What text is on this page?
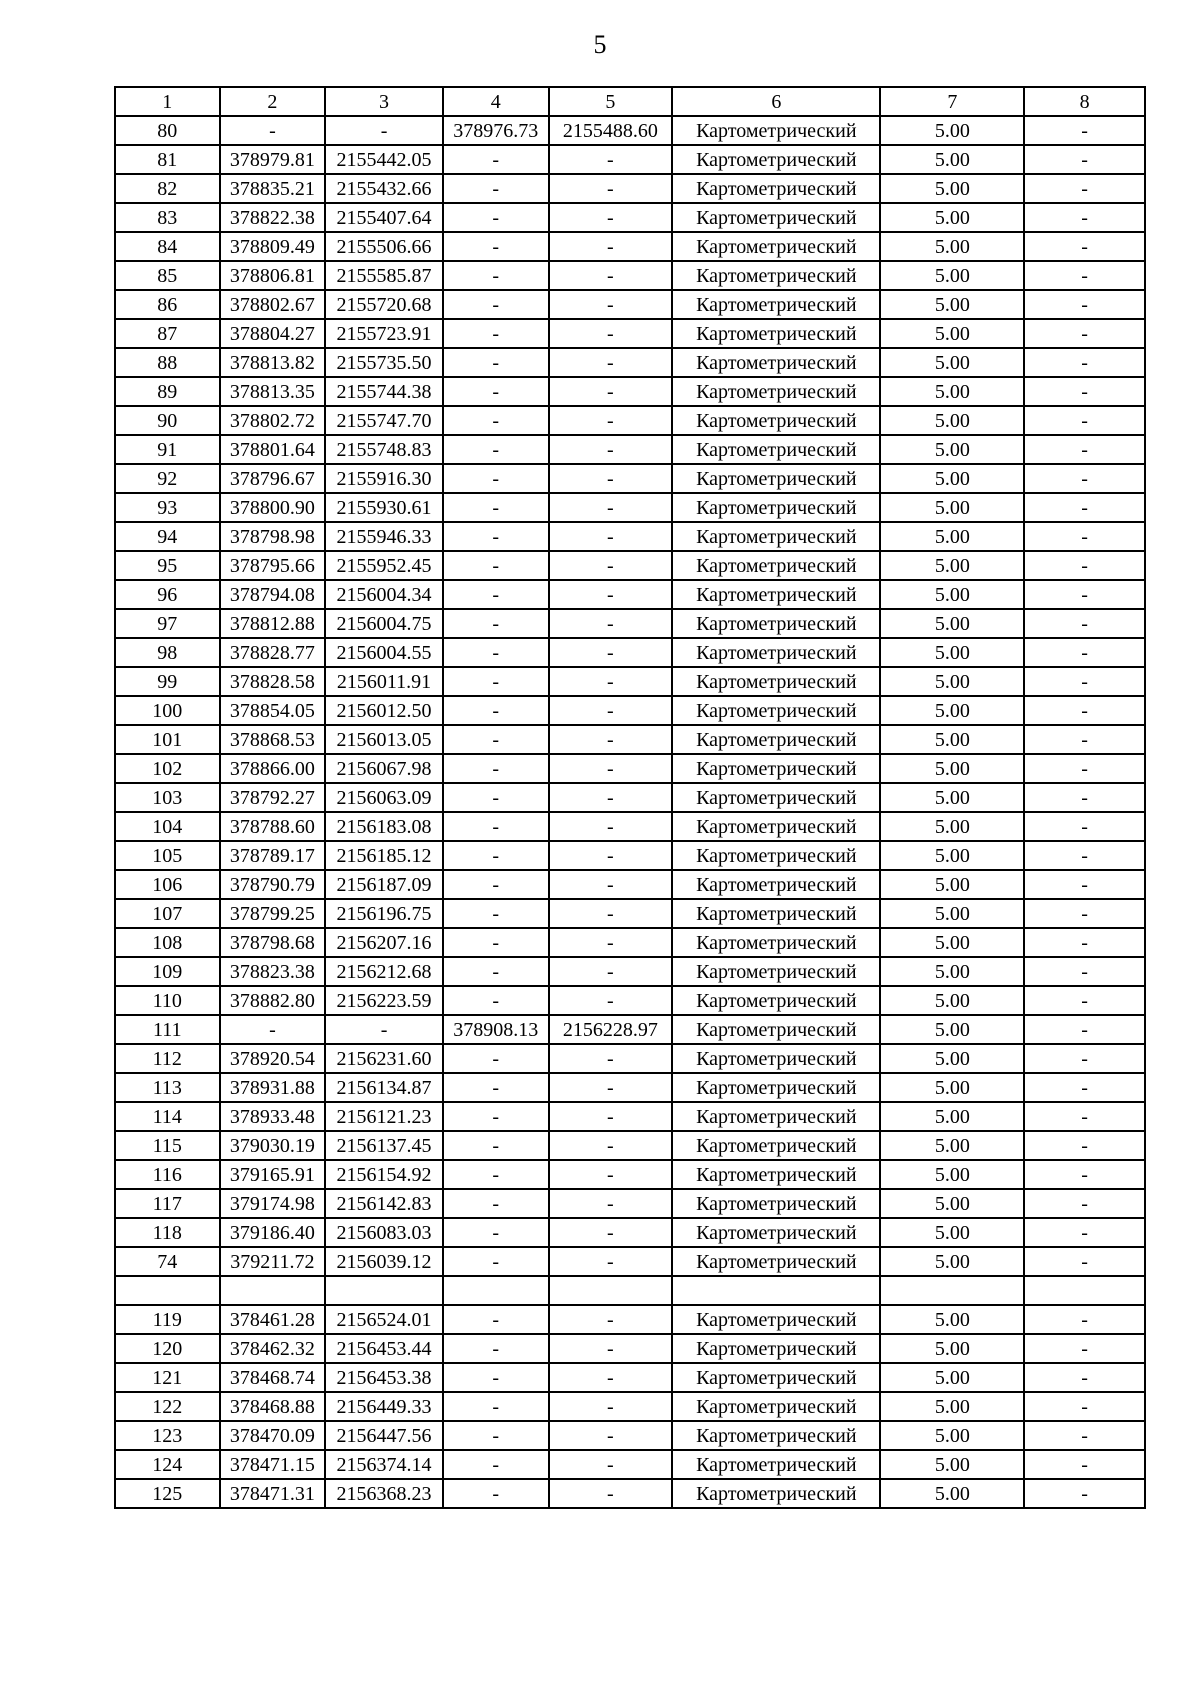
5
1	2	3	4	5	6	7	8
80	-	-	378976.73	2155488.60	Картометрический	5.00	-
81	378979.81	2155442.05	-	-	Картометрический	5.00	-
82	378835.21	2155432.66	-	-	Картометрический	5.00	-
83	378822.38	2155407.64	-	-	Картометрический	5.00	-
84	378809.49	2155506.66	-	-	Картометрический	5.00	-
85	378806.81	2155585.87	-	-	Картометрический	5.00	-
86	378802.67	2155720.68	-	-	Картометрический	5.00	-
87	378804.27	2155723.91	-	-	Картометрический	5.00	-
88	378813.82	2155735.50	-	-	Картометрический	5.00	-
89	378813.35	2155744.38	-	-	Картометрический	5.00	-
90	378802.72	2155747.70	-	-	Картометрический	5.00	-
91	378801.64	2155748.83	-	-	Картометрический	5.00	-
92	378796.67	2155916.30	-	-	Картометрический	5.00	-
93	378800.90	2155930.61	-	-	Картометрический	5.00	-
94	378798.98	2155946.33	-	-	Картометрический	5.00	-
95	378795.66	2155952.45	-	-	Картометрический	5.00	-
96	378794.08	2156004.34	-	-	Картометрический	5.00	-
97	378812.88	2156004.75	-	-	Картометрический	5.00	-
98	378828.77	2156004.55	-	-	Картометрический	5.00	-
99	378828.58	2156011.91	-	-	Картометрический	5.00	-
100	378854.05	2156012.50	-	-	Картометрический	5.00	-
101	378868.53	2156013.05	-	-	Картометрический	5.00	-
102	378866.00	2156067.98	-	-	Картометрический	5.00	-
103	378792.27	2156063.09	-	-	Картометрический	5.00	-
104	378788.60	2156183.08	-	-	Картометрический	5.00	-
105	378789.17	2156185.12	-	-	Картометрический	5.00	-
106	378790.79	2156187.09	-	-	Картометрический	5.00	-
107	378799.25	2156196.75	-	-	Картометрический	5.00	-
108	378798.68	2156207.16	-	-	Картометрический	5.00	-
109	378823.38	2156212.68	-	-	Картометрический	5.00	-
110	378882.80	2156223.59	-	-	Картометрический	5.00	-
111	-	-	378908.13	2156228.97	Картометрический	5.00	-
112	378920.54	2156231.60	-	-	Картометрический	5.00	-
113	378931.88	2156134.87	-	-	Картометрический	5.00	-
114	378933.48	2156121.23	-	-	Картометрический	5.00	-
115	379030.19	2156137.45	-	-	Картометрический	5.00	-
116	379165.91	2156154.92	-	-	Картометрический	5.00	-
117	379174.98	2156142.83	-	-	Картометрический	5.00	-
118	379186.40	2156083.03	-	-	Картометрический	5.00	-
74	379211.72	2156039.12	-	-	Картометрический	5.00	-

119	378461.28	2156524.01	-	-	Картометрический	5.00	-
120	378462.32	2156453.44	-	-	Картометрический	5.00	-
121	378468.74	2156453.38	-	-	Картометрический	5.00	-
122	378468.88	2156449.33	-	-	Картометрический	5.00	-
123	378470.09	2156447.56	-	-	Картометрический	5.00	-
124	378471.15	2156374.14	-	-	Картометрический	5.00	-
125	378471.31	2156368.23	-	-	Картометрический	5.00	-
